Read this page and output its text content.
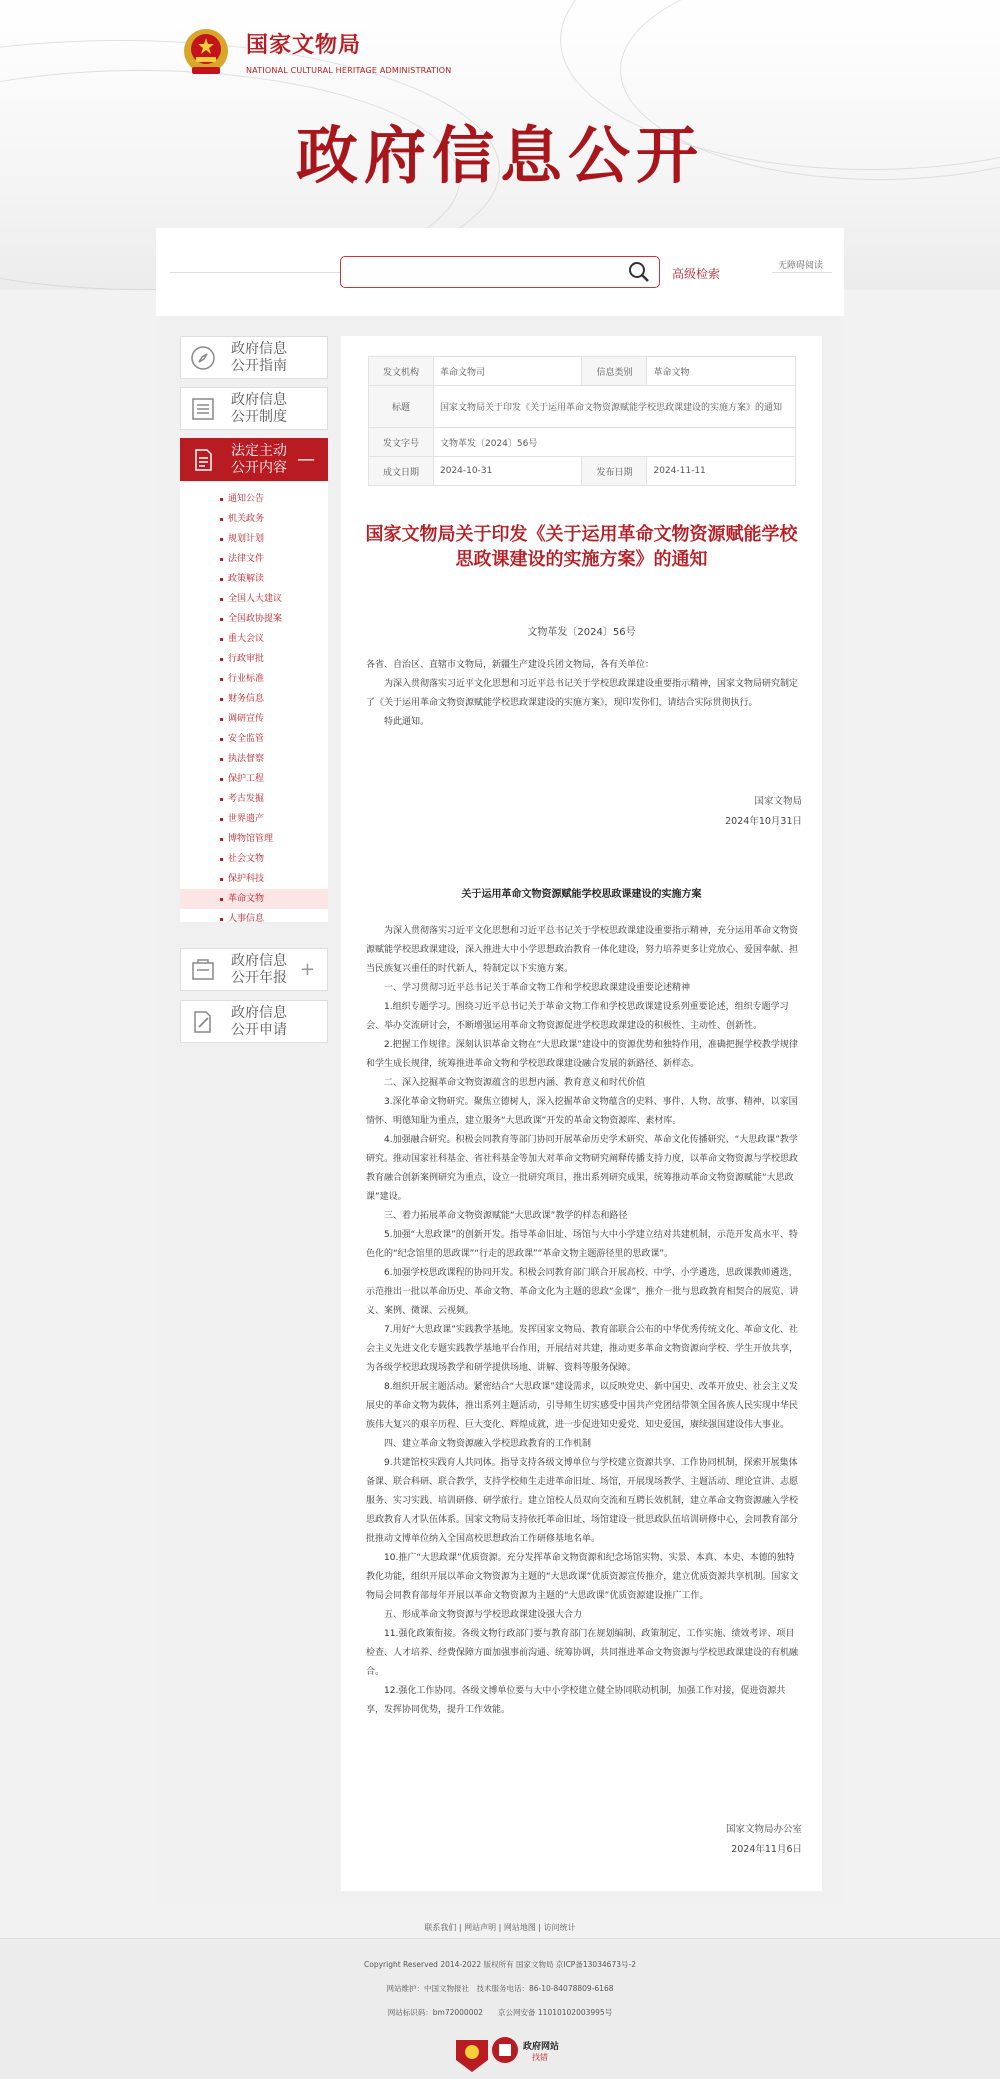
国家文物局
NATIONAL CULTURAL HERITAGE ADMINISTRATION
政府信息公开
高级检索
无障碍阅读
政府信息
公开指南
政府信息
公开制度
法定主动
公开内容 —
通知公告
机关政务
规划计划
法律文件
政策解读
全国人大建议
全国政协提案
重大会议
行政审批
行业标准
财务信息
调研宣传
安全监管
执法督察
保护工程
考古发掘
世界遗产
博物馆管理
社会文物
保护科技
革命文物
人事信息
政府信息
公开年报 +
政府信息
公开申请
发文机构	革命文物司	信息类别	革命文物
标题	国家文物局关于印发《关于运用革命文物资源赋能学校思政课建设的实施方案》的通知		
发文字号	文物革发〔2024〕56号		
成文日期	2024-10-31	发布日期	2024-11-11
国家文物局关于印发《关于运用革命文物资源赋能学校思政课建设的实施方案》的通知
文物革发〔2024〕56号

各省、自治区、直辖市文物局，新疆生产建设兵团文物局，各有关单位：

为深入贯彻落实习近平文化思想和习近平总书记关于学校思政课建设重要指示精神，国家文物局研究制定了《关于运用革命文物资源赋能学校思政课建设的实施方案》，现印发你们，请结合实际贯彻执行。

特此通知。

国家文物局
2024年10月31日
关于运用革命文物资源赋能学校思政课建设的实施方案

为深入贯彻落实习近平文化思想和习近平总书记关于学校思政课建设重要指示精神，充分运用革命文物资源赋能学校思政课建设，深入推进大中小学思想政治教育一体化建设，努力培养更多让党放心、爱国奉献、担当民族复兴重任的时代新人，特制定以下实施方案。

一、学习贯彻习近平总书记关于革命文物工作和学校思政课建设重要论述精神

1.组织专题学习。围绕习近平总书记关于革命文物工作和学校思政课建设系列重要论述，组织专题学习会、举办交流研讨会，不断增强运用革命文物资源促进学校思政课建设的积极性、主动性、创新性。

2.把握工作规律。深刻认识革命文物在“大思政课”建设中的资源优势和独特作用，准确把握学校教学规律和学生成长规律，统筹推进革命文物和学校思政课建设融合发展的新路径、新样态。

二、深入挖掘革命文物资源蕴含的思想内涵、教育意义和时代价值

3.深化革命文物研究。聚焦立德树人，深入挖掘革命文物蕴含的史料、事件、人物、故事、精神，以家国情怀、明德知耻为重点，建立服务“大思政课”开发的革命文物资源库、素材库。

4.加强融合研究。积极会同教育等部门协同开展革命历史学术研究、革命文化传播研究、“大思政课”教学研究。推动国家社科基金、省社科基金等加大对革命文物研究阐释传播支持力度，以革命文物资源与学校思政教育融合创新案例研究为重点，设立一批研究项目，推出系列研究成果，统筹推动革命文物资源赋能“大思政课”建设。

三、着力拓展革命文物资源赋能“大思政课”教学的样态和路径

5.加强“大思政课”的创新开发。指导革命旧址、场馆与大中小学建立结对共建机制，示范开发高水平、特色化的“纪念馆里的思政课”“行走的思政课”“革命文物主题游径里的思政课”。

6.加强学校思政课程的协同开发。积极会同教育部门联合开展高校、中学、小学遴选，思政课教师遴选，示范推出一批以革命历史、革命文物、革命文化为主题的思政“金课”，推介一批与思政教育相契合的展览、讲义、案例、微课、云视频。

7.用好“大思政课”实践教学基地。发挥国家文物局、教育部联合公布的中华优秀传统文化、革命文化、社会主义先进文化专题实践教学基地平台作用，开展结对共建，推动更多革命文物资源向学校、学生开放共享，为各级学校思政现场教学和研学提供场地、讲解、资料等服务保障。

8.组织开展主题活动。紧密结合“大思政课”建设需求，以反映党史、新中国史、改革开放史、社会主义发展史的革命文物为载体，推出系列主题活动，引导师生切实感受中国共产党团结带领全国各族人民实现中华民族伟大复兴的艰辛历程、巨大变化、辉煌成就，进一步促进知史爱党、知史爱国，赓续强国建设伟大事业。

四、建立革命文物资源融入学校思政教育的工作机制

9.共建馆校实践育人共同体。指导支持各级文博单位与学校建立资源共享、工作协同机制，探索开展集体备课、联合科研、联合教学，支持学校师生走进革命旧址、场馆，开展现场教学、主题活动、理论宣讲、志愿服务、实习实践、培训研修、研学旅行。建立馆校人员双向交流和互聘长效机制，建立革命文物资源融入学校思政教育人才队伍体系。国家文物局支持依托革命旧址、场馆建设一批思政队伍培训研修中心，会同教育部分批推动文博单位纳入全国高校思想政治工作研修基地名单。

10.推广“大思政课”优质资源。充分发挥革命文物资源和纪念场馆实物、实景、本真、本史、本德的独特教化功能，组织开展以革命文物资源为主题的“大思政课”优质资源宣传推介，建立优质资源共享机制。国家文物局会同教育部每年开展以革命文物资源为主题的“大思政课”优质资源建设推广工作。

五、形成革命文物资源与学校思政课建设强大合力

11.强化政策衔接。各级文物行政部门要与教育部门在规划编制、政策制定、工作实施、绩效考评、项目检查、人才培养、经费保障方面加强事前沟通、统筹协调，共同推进革命文物资源与学校思政课建设的有机融合。

12.强化工作协同。各级文博单位要与大中小学校建立健全协同联动机制，加强工作对接，促进资源共享，发挥协同优势，提升工作效能。

国家文物局办公室
2024年11月6日
联系我们 | 网站声明 | 网站地图 | 访问统计
Copyright Reserved 2014-2022 版权所有 国家文物局 京ICP备13034673号-2
网站维护：中国文物报社　技术服务电话：86-10-84078809-6168
网站标识码：bm72000002　　京公网安备 11010102003995号
政府网站
找错
